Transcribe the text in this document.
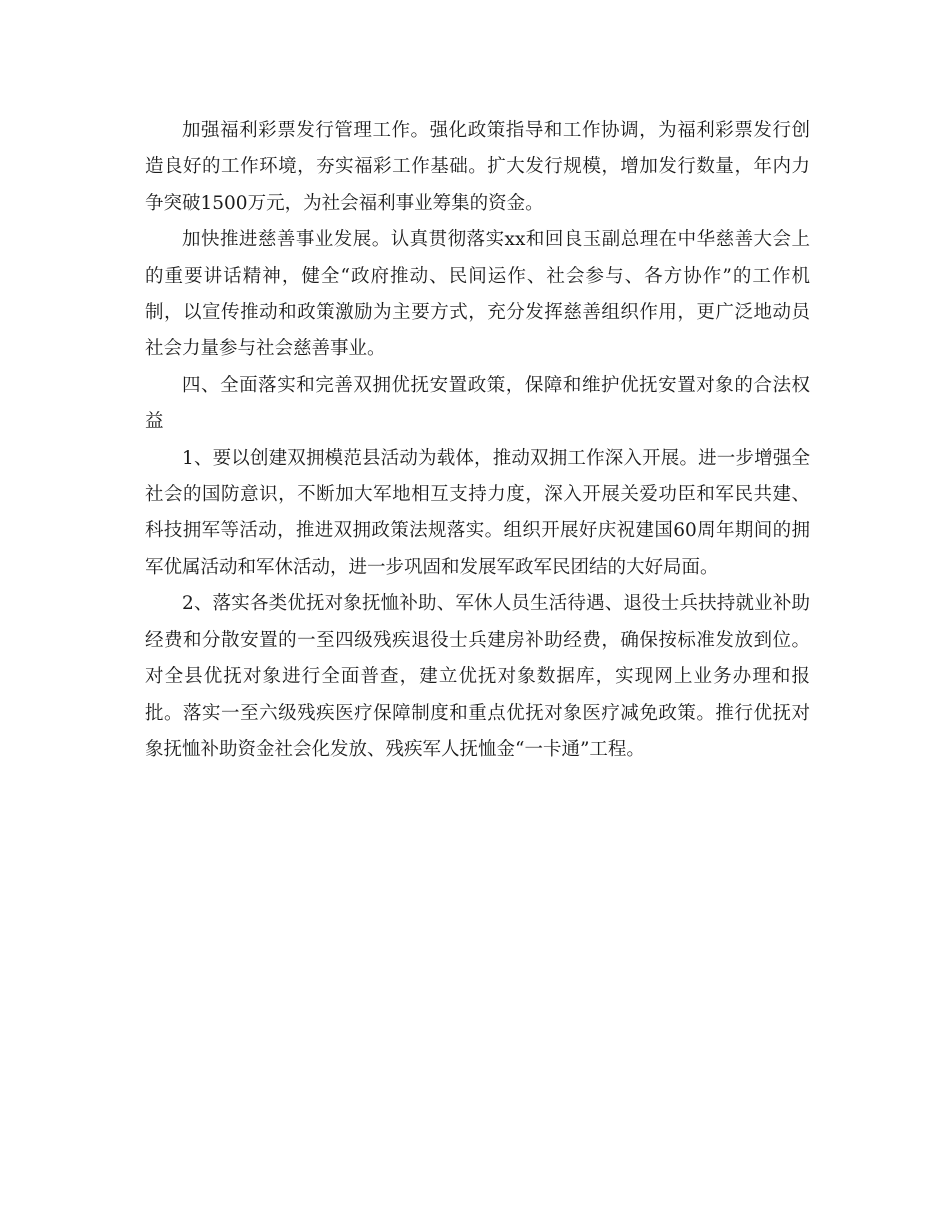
加强福利彩票发行管理工作。强化政策指导和工作协调，为福利彩票发行创造良好的工作环境，夯实福彩工作基础。扩大发行规模，增加发行数量，年内力争突破1500万元，为社会福利事业筹集的资金。

加快推进慈善事业发展。认真贯彻落实xx和回良玉副总理在中华慈善大会上的重要讲话精神，健全“政府推动、民间运作、社会参与、各方协作”的工作机制，以宣传推动和政策激励为主要方式，充分发挥慈善组织作用，更广泛地动员社会力量参与社会慈善事业。

四、全面落实和完善双拥优抚安置政策，保障和维护优抚安置对象的合法权益

1、要以创建双拥模范县活动为载体，推动双拥工作深入开展。进一步增强全社会的国防意识，不断加大军地相互支持力度，深入开展关爱功臣和军民共建、科技拥军等活动，推进双拥政策法规落实。组织开展好庆祝建国60周年期间的拥军优属活动和军休活动，进一步巩固和发展军政军民团结的大好局面。

2、落实各类优抚对象抚恤补助、军休人员生活待遇、退役士兵扶持就业补助经费和分散安置的一至四级残疾退役士兵建房补助经费，确保按标准发放到位。对全县优抚对象进行全面普查，建立优抚对象数据库，实现网上业务办理和报批。落实一至六级残疾医疗保障制度和重点优抚对象医疗减免政策。推行优抚对象抚恤补助资金社会化发放、残疾军人抚恤金“一卡通”工程。
